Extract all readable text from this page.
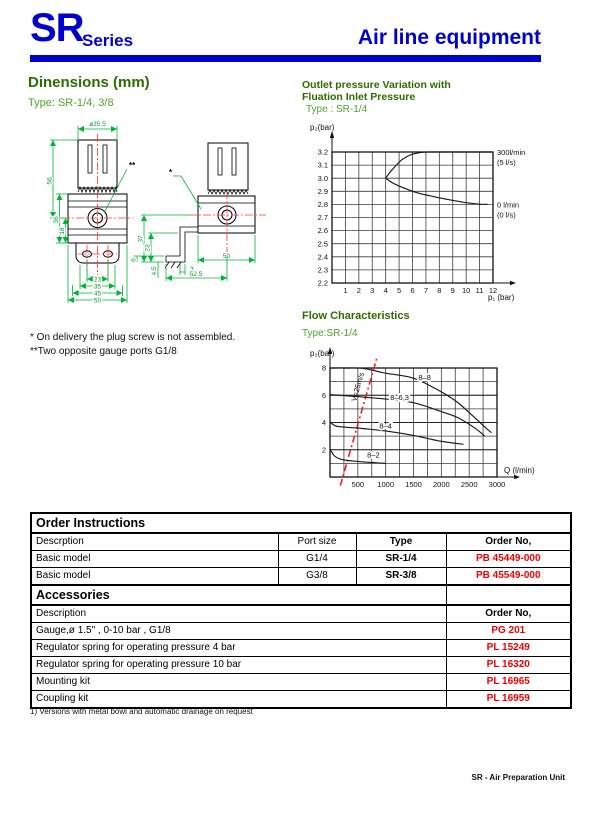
SR
Series	Air line equipment
Dinensions (mm)
Type: SR-1/4, 3/8
ø35.5
23
35
45
50
56
36
18
**
50
3
52.5
37
23
6
4.5
*
* On delivery the plug screw is not assembled.
**Two opposite gauge ports G1/8
Outlet pressure Variation with
Fluation Inlet Pressure
Type : SR-1/4
3.2
3.1
3.0
2.9
2.8
2.7
2.6
2.5
2.4
2.3
2.2
1 2 3 4 5 6 7 8 9 10 11 12
p₂(bar)
p₁ (bar)
300l/min
(5 l/s)
0 l/min
(0 l/s)
Flow Characteristics
Type:SR-1/4
8
6
4
2
500 1000 1500 2000 2500 3000
p₂(bar)
Q (l/min)
V=25m/s	8–8
8–6,3
8–4
8–2
Order Instructions			
Descrption	Port size	Type	Order No,
Basic model	G1/4	SR-1/4	PB 45449-000
Basic model	G3/8	SR-3/8	PB 45549-000
Accessories			
Description			Order No,
Gauge,ø 1.5" , 0-10 bar , G1/8			PG 201
Regulator spring for operating pressure 4 bar			PL 15249
Regulator spring for operating pressure 10 bar			PL 16320
Mounting kit			PL 16965
Coupling kit			PL 16959
1) Versions with metal bowl and automatic drainage on request
SR - Air Preparation Unit
